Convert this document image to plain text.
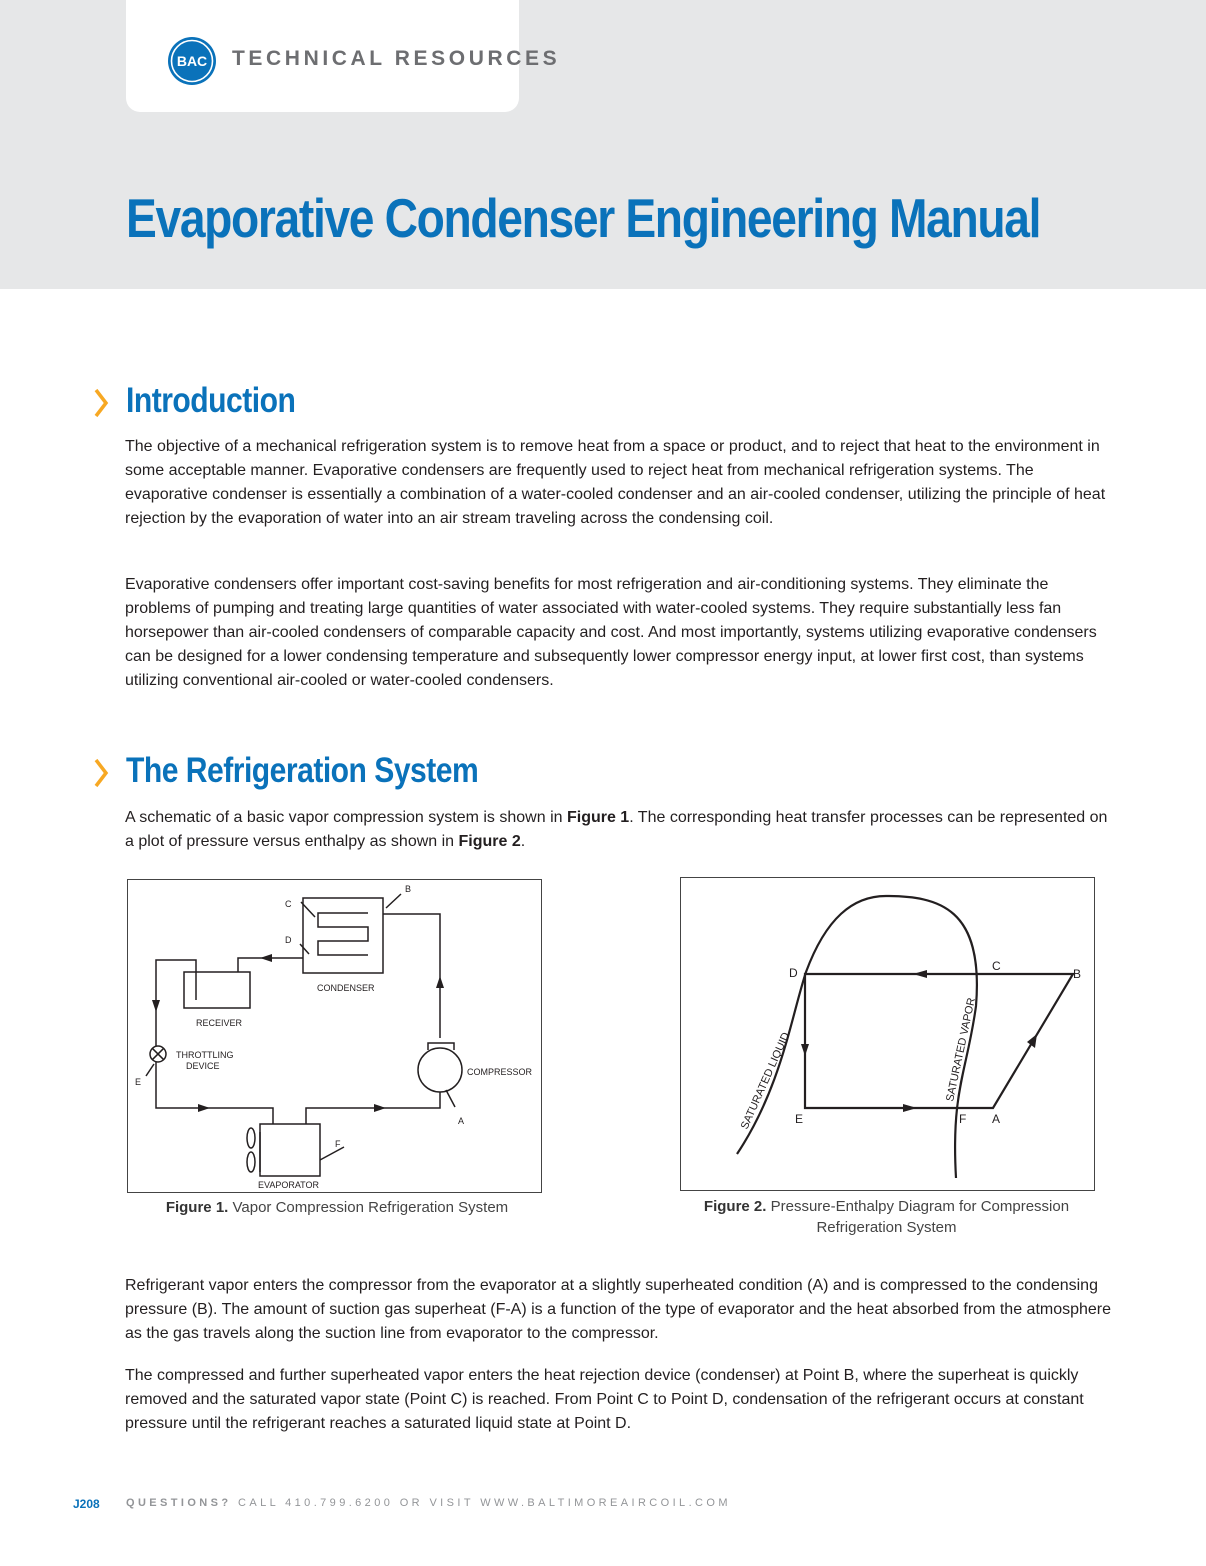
BAC TECHNICAL RESOURCES
Evaporative Condenser Engineering Manual
Introduction

The objective of a mechanical refrigeration system is to remove heat from a space or product, and to reject that heat to the environment in some acceptable manner. Evaporative condensers are frequently used to reject heat from mechanical refrigeration systems. The evaporative condenser is essentially a combination of a water-cooled condenser and an air-cooled condenser, utilizing the principle of heat rejection by the evaporation of water into an air stream traveling across the condensing coil.

Evaporative condensers offer important cost-saving benefits for most refrigeration and air-conditioning systems. They eliminate the problems of pumping and treating large quantities of water associated with water-cooled systems. They require substantially less fan horsepower than air-cooled condensers of comparable capacity and cost. And most importantly, systems utilizing evaporative condensers can be designed for a lower condensing temperature and subsequently lower compressor energy input, at lower first cost, than systems utilizing conventional air-cooled or water-cooled condensers.

The Refrigeration System

A schematic of a basic vapor compression system is shown in Figure 1. The corresponding heat transfer processes can be represented on a plot of pressure versus enthalpy as shown in Figure 2.

B
C
D
CONDENSER
RECEIVER
THROTTLING
DEVICE
E
COMPRESSOR
A
F
EVAPORATOR
Figure 1. Vapor Compression Refrigeration System
D	C
B
E	F A
SATURATED LIQUID	SATURATED VAPOR
Figure 2. Pressure-Enthalpy Diagram for Compression
Refrigeration System

Refrigerant vapor enters the compressor from the evaporator at a slightly superheated condition (A) and is compressed to the condensing pressure (B). The amount of suction gas superheat (F-A) is a function of the type of evaporator and the heat absorbed from the atmosphere as the gas travels along the suction line from evaporator to the compressor.

The compressed and further superheated vapor enters the heat rejection device (condenser) at Point B, where the superheat is quickly removed and the saturated vapor state (Point C) is reached. From Point C to Point D, condensation of the refrigerant occurs at constant pressure until the refrigerant reaches a saturated liquid state at Point D.

J208 QUESTIONS? CALL 410.799.6200 OR VISIT WWW.BALTIMOREAIRCOIL.COM
